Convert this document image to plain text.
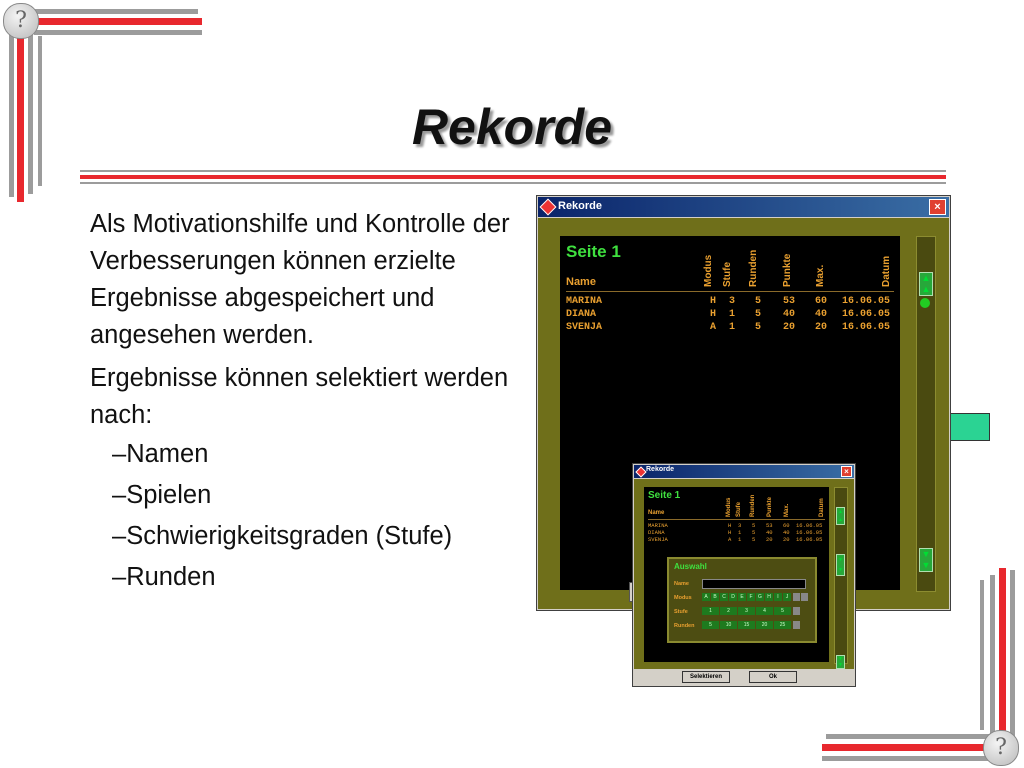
?
?
Rekorde

Als Motivationshilfe und Kontrolle der Verbesserungen können erzielte Ergebnisse abgespeichert und angesehen werden.

Ergebnisse können selektiert werden nach:

–Namen
–Spielen
–Schwierigkeitsgraden (Stufe)
–Runden
Rekorde	×
Seite 1
Name	Modus Stufe Runden Punkte Max.	Datum
MARINA	H 3 5 53 60 16.06.05
DIANA	H 1 5 40 40 16.06.05
SVENJA	A 1 5 20 20 16.06.05
▲
▲
▼
▼
Rekorde	×
Seite 1
Name	Modus Stufe Runden Punkte Max.	Datum
MARINA	H 3 5 53 60 16.06.05
DIANA	H 1 5 40 40 16.06.05
SVENJA	A 1 5 20 20 16.06.05
Auswahl
Name
Modus	A	B	C	D	E	F	G	H	I	J
Stufe	1	2	3	4	5
Runden	5	10	15	20	25
▲
▲
▼
▼
▼
▼
Selektieren	Ok
